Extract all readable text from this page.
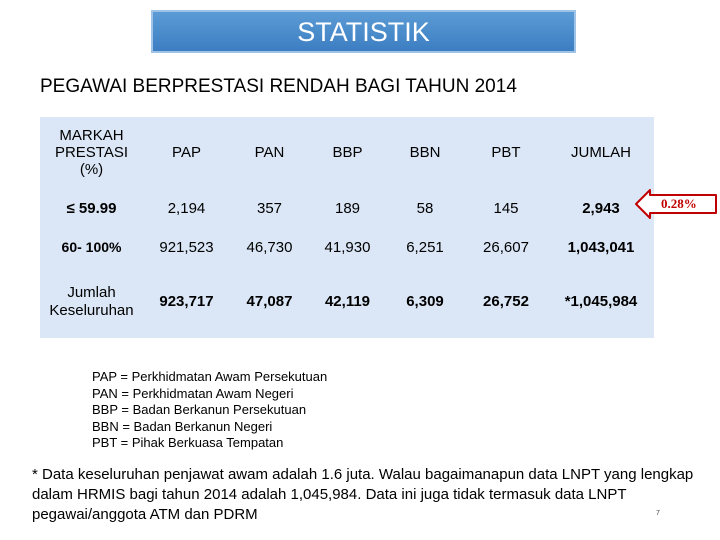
STATISTIK
PEGAWAI BERPRESTASI RENDAH BAGI TAHUN 2014
MARKAH
PRESTASI
(%)	PAP	PAN	BBP	BBN	PBT	JUMLAH
≤ 59.99	2,194	357	189	58	145	2,943
60- 100%	921,523	46,730	41,930	6,251	26,607	1,043,041

Jumlah
Keseluruhan	923,717	47,087	42,119	6,309	26,752	*1,045,984
0.28%
PAP = Perkhidmatan Awam Persekutuan
PAN = Perkhidmatan Awam Negeri
BBP = Badan Berkanun Persekutuan
BBN = Badan Berkanun Negeri
PBT = Pihak Berkuasa Tempatan
* Data keseluruhan penjawat awam adalah 1.6 juta. Walau bagaimanapun data LNPT yang lengkap dalam HRMIS bagi tahun 2014 adalah 1,045,984. Data ini juga tidak termasuk data LNPT pegawai/anggota ATM dan PDRM	7
